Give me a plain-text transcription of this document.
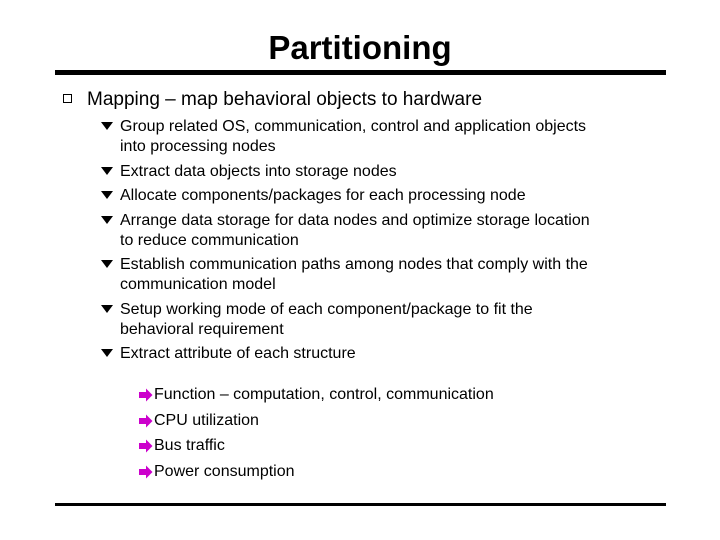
Partitioning
Mapping – map behavioral objects to hardware
Group related OS, communication, control and application objects
into processing nodes
Extract data objects into storage nodes
Allocate components/packages for each processing node
Arrange data storage for data nodes and optimize storage location
to reduce communication
Establish communication paths among nodes that comply with the
communication model
Setup working mode of each component/package to fit the
behavioral requirement
Extract attribute of each structure
Function – computation, control, communication
CPU utilization
Bus traffic
Power consumption
